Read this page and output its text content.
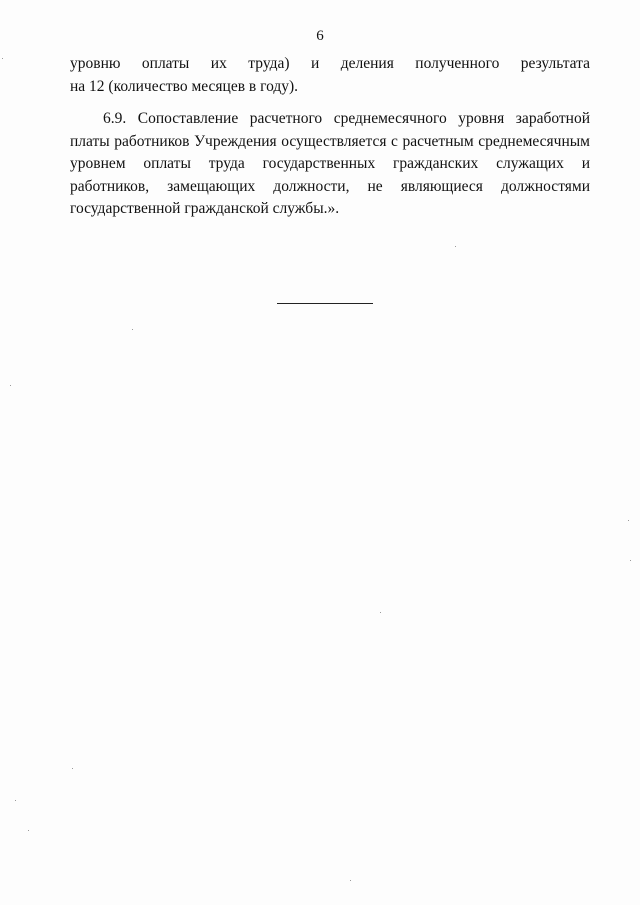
6
уровню оплаты их труда) и деления полученного результата
на 12 (количество месяцев в году).
6.9. Сопоставление расчетного среднемесячного уровня заработной
платы работников Учреждения осуществляется с расчетным среднемесячным
уровнем оплаты труда государственных гражданских служащих и
работников, замещающих должности, не являющиеся должностями
государственной гражданской службы.».
